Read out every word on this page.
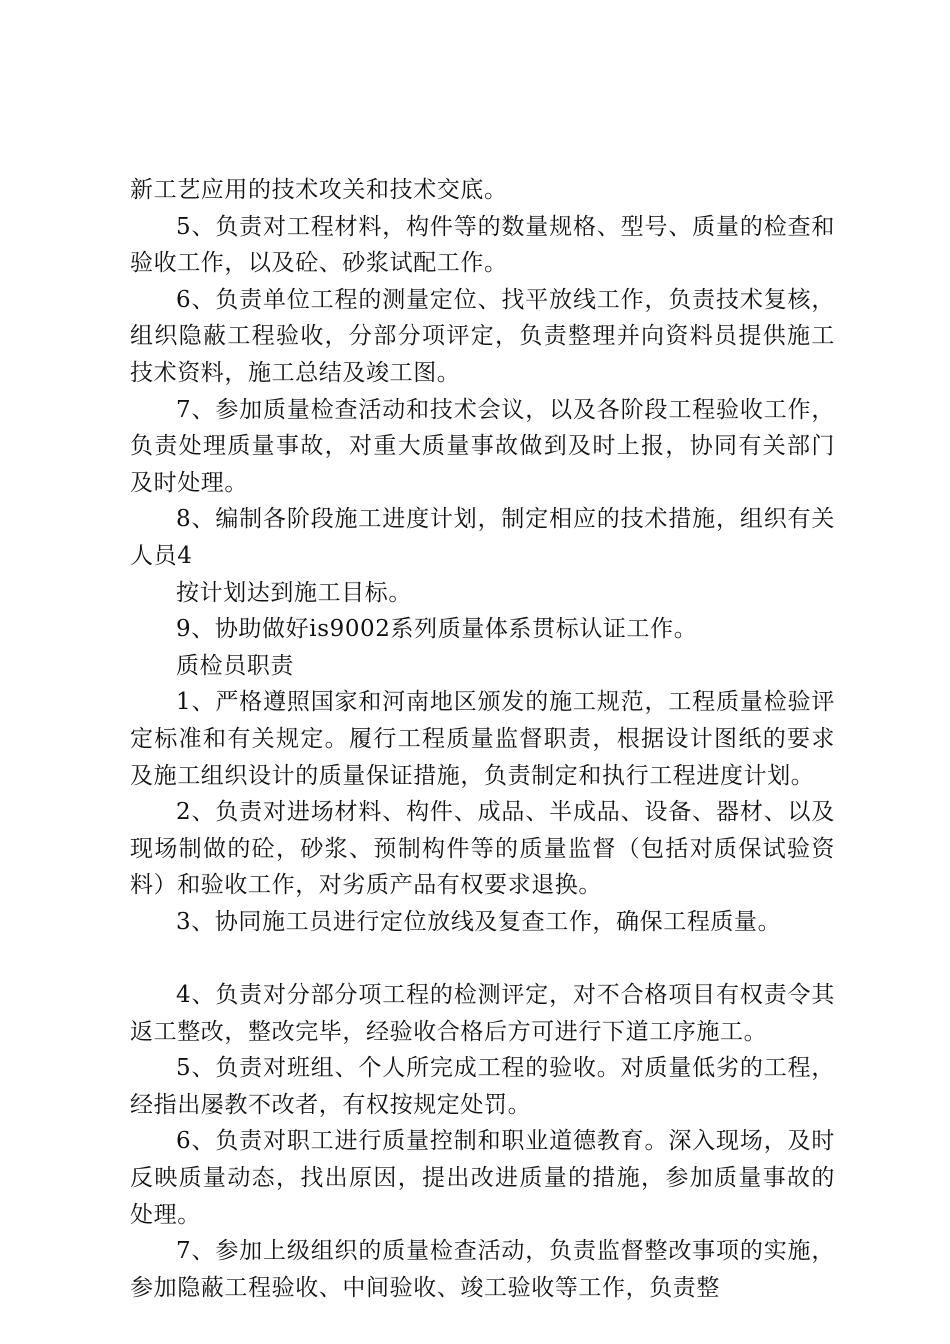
新工艺应用的技术攻关和技术交底。

5、负责对工程材料，构件等的数量规格、型号、质量的检查和验收工作，以及砼、砂浆试配工作。

6、负责单位工程的测量定位、找平放线工作，负责技术复核，组织隐蔽工程验收，分部分项评定，负责整理并向资料员提供施工技术资料，施工总结及竣工图。

7、参加质量检查活动和技术会议，以及各阶段工程验收工作，负责处理质量事故，对重大质量事故做到及时上报，协同有关部门及时处理。

8、编制各阶段施工进度计划，制定相应的技术措施，组织有关人员4

按计划达到施工目标。

9、协助做好is9002系列质量体系贯标认证工作。

质检员职责

1、严格遵照国家和河南地区颁发的施工规范，工程质量检验评定标准和有关规定。履行工程质量监督职责，根据设计图纸的要求及施工组织设计的质量保证措施，负责制定和执行工程进度计划。

2、负责对进场材料、构件、成品、半成品、设备、器材、以及现场制做的砼，砂浆、预制构件等的质量监督（包括对质保试验资料）和验收工作，对劣质产品有权要求退换。

3、协同施工员进行定位放线及复查工作，确保工程质量。

4、负责对分部分项工程的检测评定，对不合格项目有权责令其返工整改，整改完毕，经验收合格后方可进行下道工序施工。

5、负责对班组、个人所完成工程的验收。对质量低劣的工程，经指出屡教不改者，有权按规定处罚。

6、负责对职工进行质量控制和职业道德教育。深入现场，及时反映质量动态，找出原因，提出改进质量的措施，参加质量事故的处理。

7、参加上级组织的质量检查活动，负责监督整改事项的实施，参加隐蔽工程验收、中间验收、竣工验收等工作，负责整
